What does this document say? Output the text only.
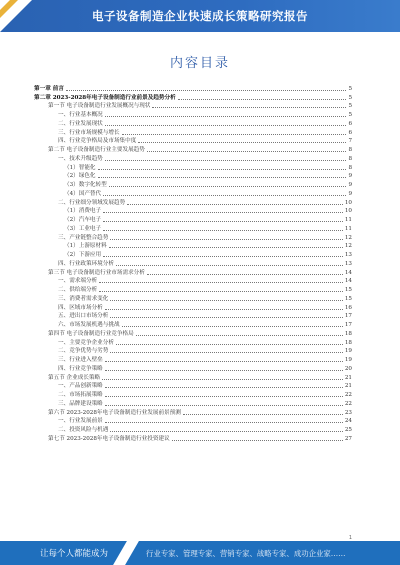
电子设备制造企业快速成长策略研究报告
内容目录
第一章 前言	5
第二章 2023-2028年电子设备制造行业前景及趋势分析	5
第一节 电子设备制造行业发展概况与现状	5
一、行业基本概况	5
二、行业发展现状	6
三、行业市场规模与增长	6
四、行业竞争格局及市场集中度	7
第二节 电子设备制造行业主要发展趋势	8
一、技术升级趋势	8
（1）智能化	8
（2）绿色化	9
（3）数字化转型	9
（4）国产替代	9
二、行业细分领域发展趋势	10
（1）消费电子	10
（2）汽车电子	11
（3）工业电子	11
三、产业链整合趋势	12
（1）上游原材料	12
（2）下游应用	13
四、行业政策环境分析	13
第三节 电子设备制造行业市场需求分析	14
一、需求端分析	14
二、供给端分析	15
三、消费者需求变化	15
四、区域市场分析	16
五、进出口市场分析	17
六、市场发展机遇与挑战	17
第四节 电子设备制造行业竞争格局	18
一、主要竞争企业分析	18
二、竞争优势与劣势	19
三、行业进入壁垒	19
四、行业竞争策略	20
第五节 企业成长策略	21
一、产品创新策略	21
二、市场拓展策略	22
三、品牌建设策略	22
第六节 2023-2028年电子设备制造行业发展前景预测	23
一、行业发展前景	24
二、投资风险与机遇	25
第七节 2023-2028年电子设备制造行业投资建议	27
1
让每个人都能成为	行业专家、管理专家、营销专家、战略专家、成功企业家……
